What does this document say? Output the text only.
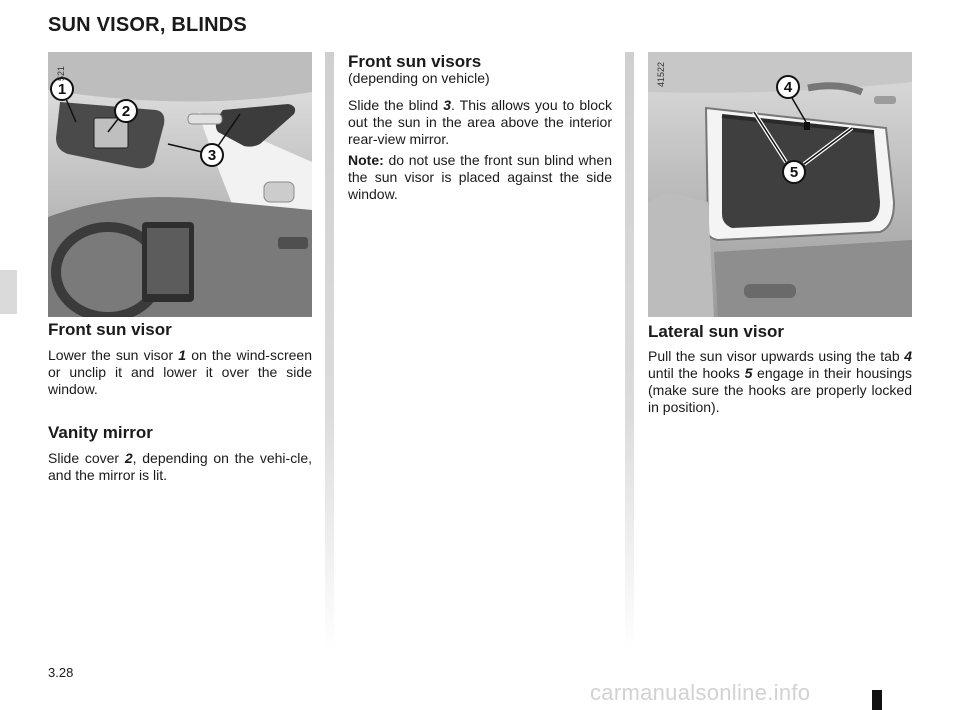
SUN VISOR, BLINDS
1
2
3
521
Front sun visor

Lower the sun visor 1 on the wind-screen or unclip it and lower it over the side window.

Vanity mirror

Slide cover 2, depending on the vehi-cle, and the mirror is lit.

Front sun visors

(depending on vehicle)

Slide the blind 3. This allows you to block out the sun in the area above the interior rear-view mirror.

Note: do not use the front sun blind when the sun visor is placed against the side window.

4
5
41522
Lateral sun visor

Pull the sun visor upwards using the tab 4 until the hooks 5 engage in their housings (make sure the hooks are properly locked in position).

3.28

carmanualsonline.info
